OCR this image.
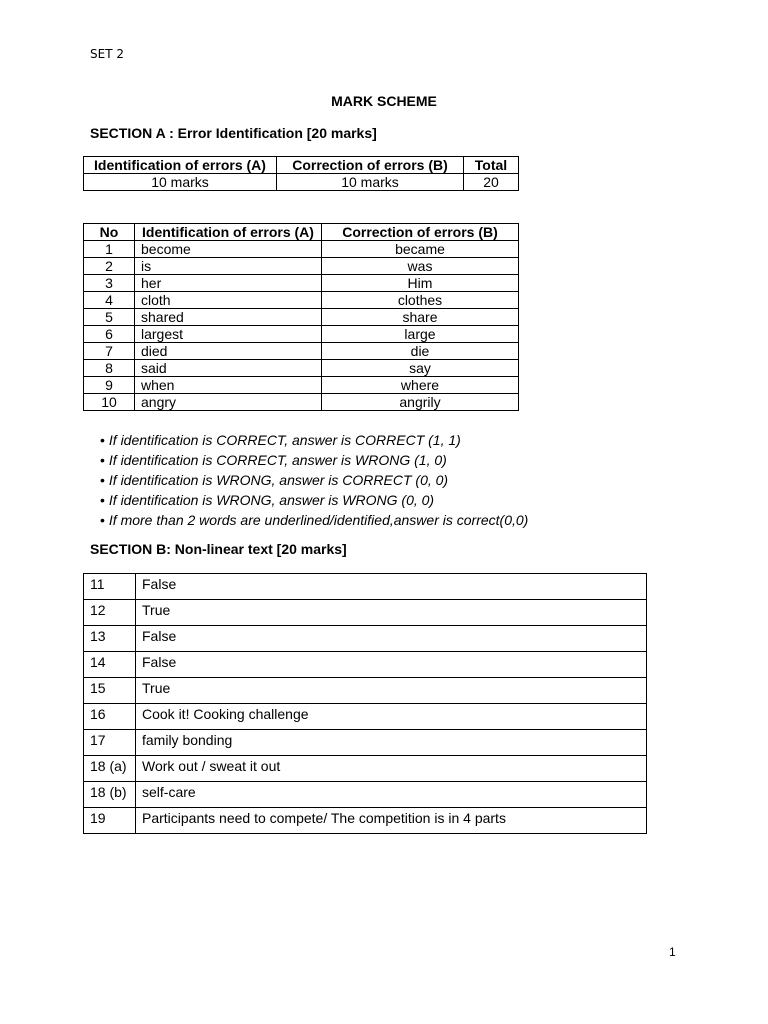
SET 2
MARK SCHEME
SECTION A : Error Identification [20 marks]
Identification of errors (A)	Correction of errors (B)	Total
10 marks	10 marks	20
No	Identification of errors (A)	Correction of errors (B)
1	become	became
2	is	was
3	her	Him
4	cloth	clothes
5	shared	share
6	largest	large
7	died	die
8	said	say
9	when	where
10	angry	angrily
• If identification is CORRECT, answer is CORRECT (1, 1)
• If identification is CORRECT, answer is WRONG (1, 0)
• If identification is WRONG, answer is CORRECT (0, 0)
• If identification is WRONG, answer is WRONG (0, 0)
• If more than 2 words are underlined/identified,answer is correct(0,0)
SECTION B: Non-linear text [20 marks]
11	False
12	True
13	False
14	False
15	True
16	Cook it! Cooking challenge
17	family bonding
18 (a)	Work out / sweat it out
18 (b)	self-care
19	Participants need to compete/ The competition is in 4 parts
1
